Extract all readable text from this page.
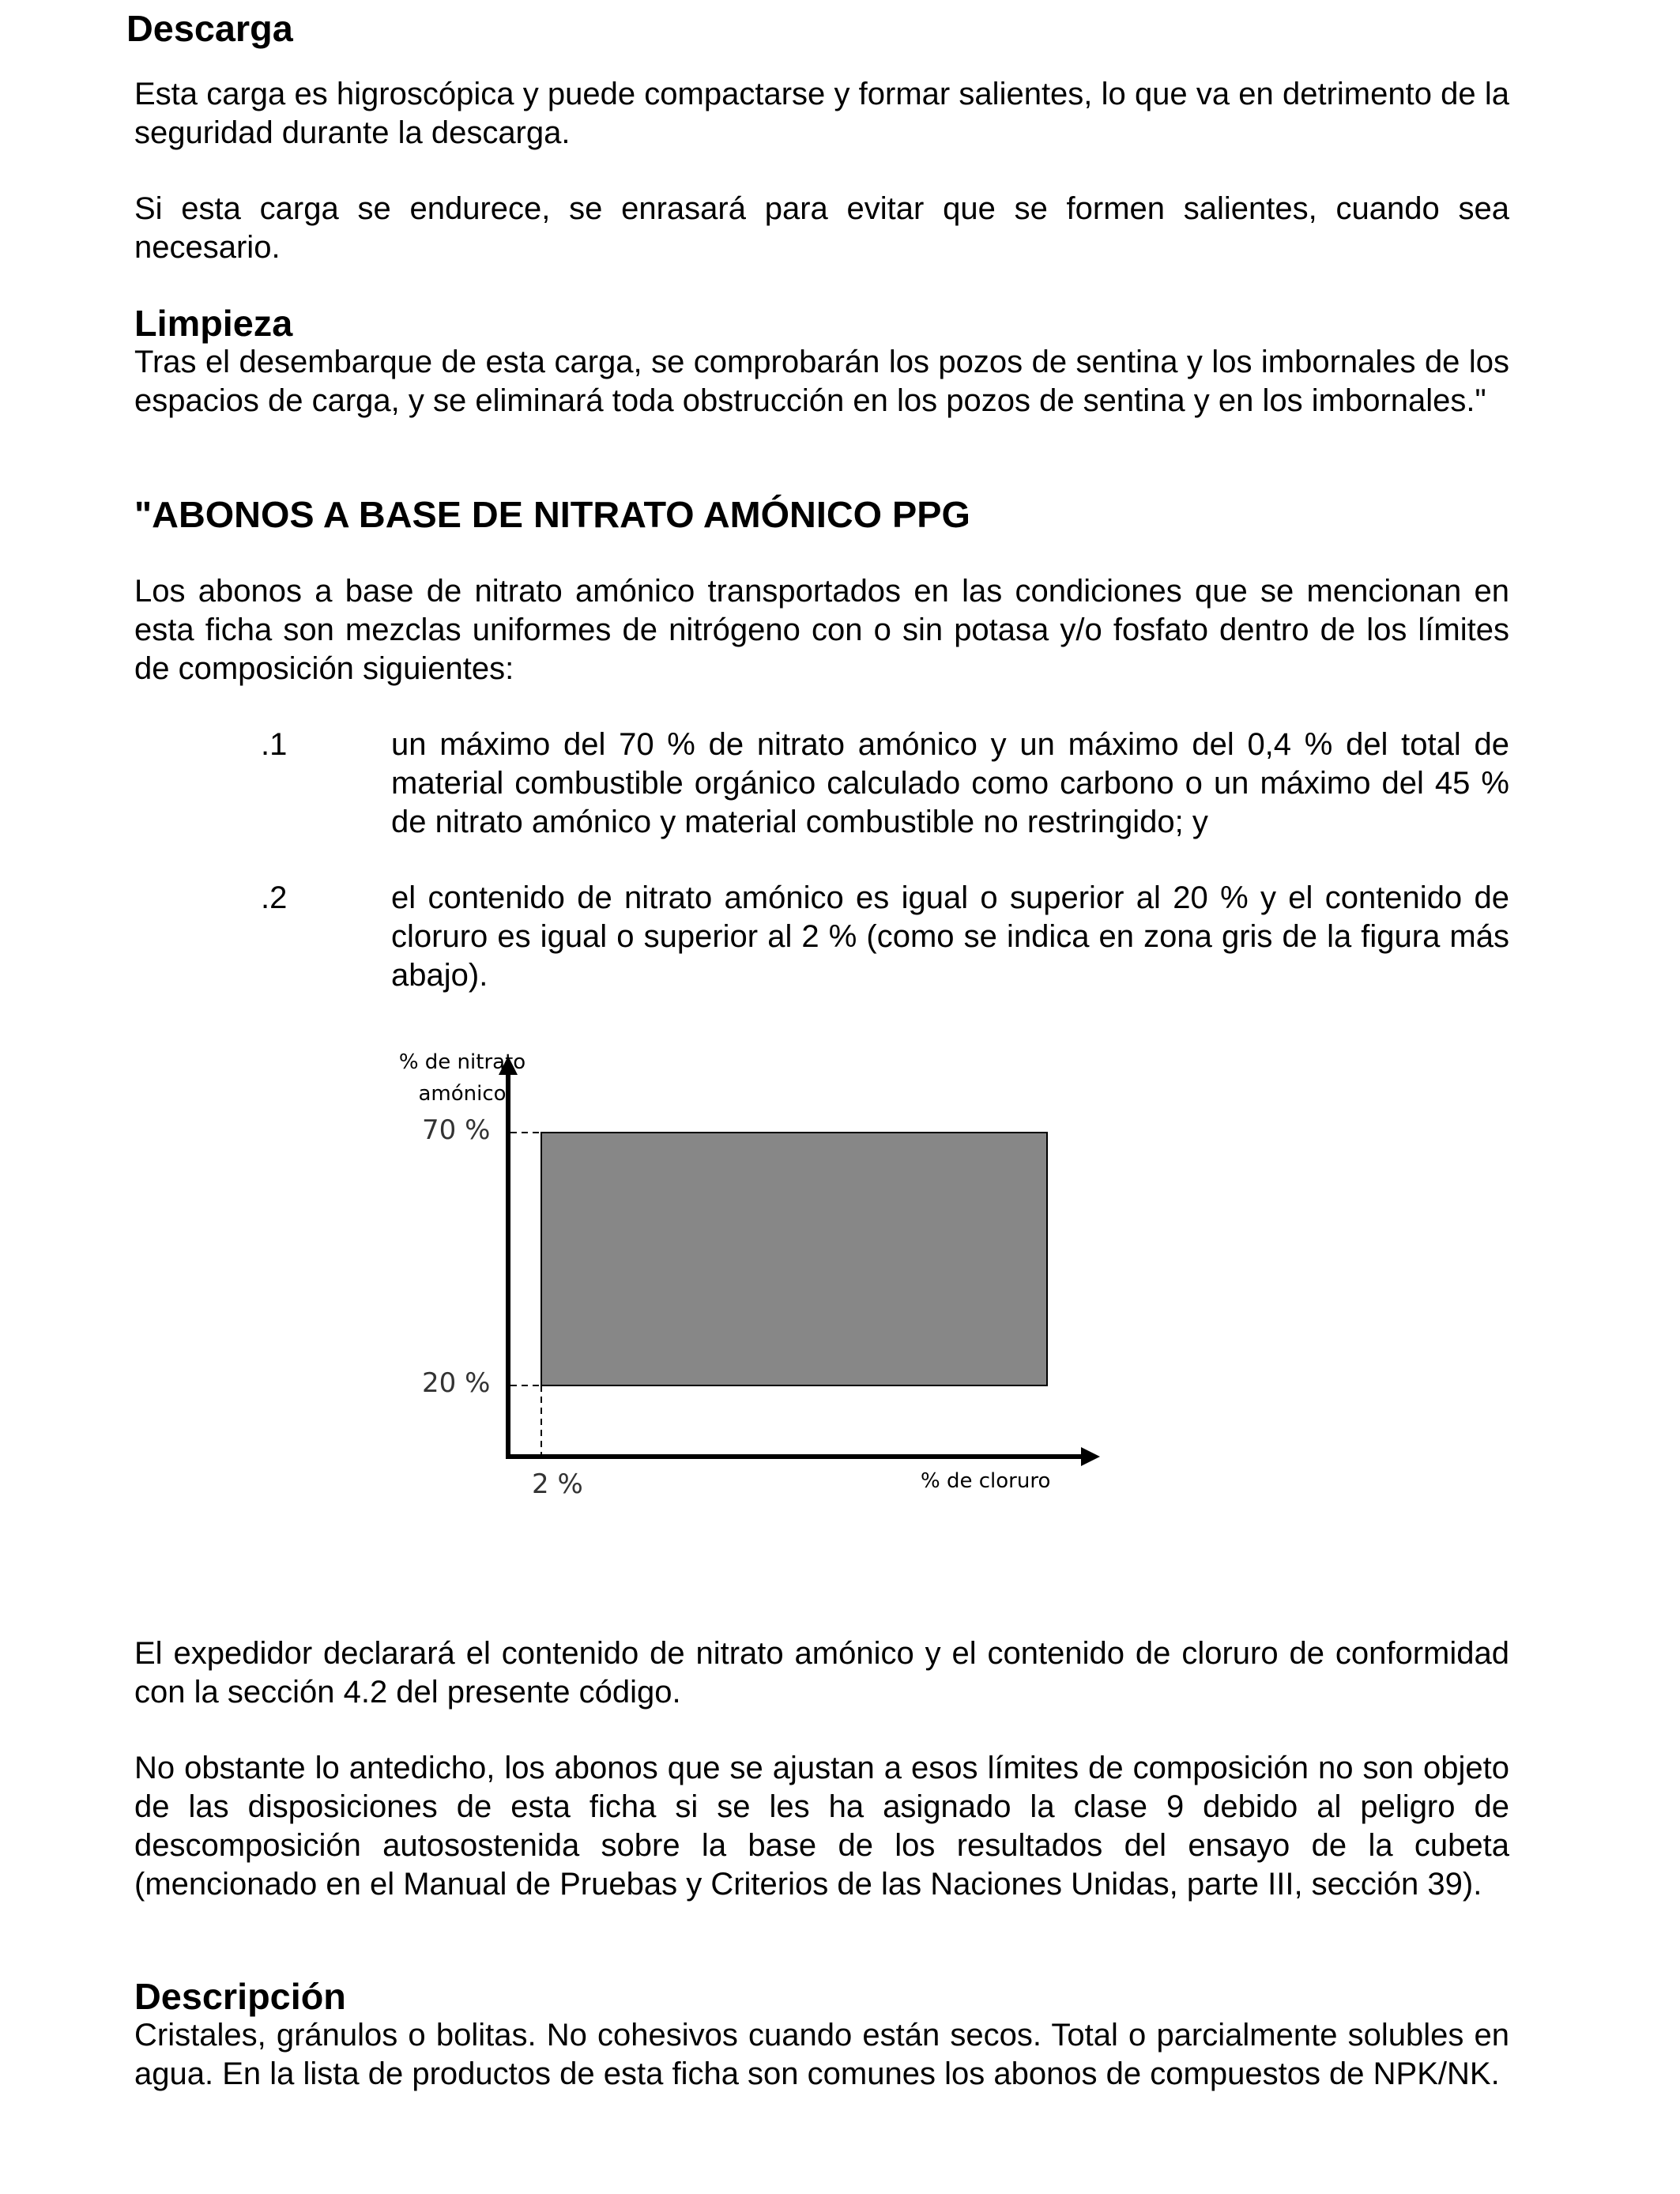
Descarga

Esta carga es higroscópica y puede compactarse y formar salientes, lo que va en detrimento de la seguridad durante la descarga.

Si esta carga se endurece, se enrasará para evitar que se formen salientes, cuando sea necesario.

Limpieza

Tras el desembarque de esta carga, se comprobarán los pozos de sentina y los imbornales de los espacios de carga, y se eliminará toda obstrucción en los pozos de sentina y en los imbornales."

"ABONOS A BASE DE NITRATO AMÓNICO PPG

Los abonos a base de nitrato amónico transportados en las condiciones que se mencionan en esta ficha son mezclas uniformes de nitrógeno con o sin potasa y/o fosfato dentro de los límites de composición siguientes:

.1	un máximo del 70 % de nitrato amónico y un máximo del 0,4 % del total de material combustible orgánico calculado como carbono o un máximo del 45 % de nitrato amónico y material combustible no restringido; y

.2	el contenido de nitrato amónico es igual o superior al 20 % y el contenido de cloruro es igual o superior al 2 % (como se indica en zona gris de la figura más abajo).

% de nitrato
amónico
70 %
20 %
2 %	% de cloruro

El expedidor declarará el contenido de nitrato amónico y el contenido de cloruro de conformidad con la sección 4.2 del presente código.

No obstante lo antedicho, los abonos que se ajustan a esos límites de composición no son objeto de las disposiciones de esta ficha si se les ha asignado la clase 9 debido al peligro de descomposición autosostenida sobre la base de los resultados del ensayo de la cubeta (mencionado en el Manual de Pruebas y Criterios de las Naciones Unidas, parte III, sección 39).

Descripción

Cristales, gránulos o bolitas. No cohesivos cuando están secos. Total o parcialmente solubles en agua. En la lista de productos de esta ficha son comunes los abonos de compuestos de NPK/NK.
